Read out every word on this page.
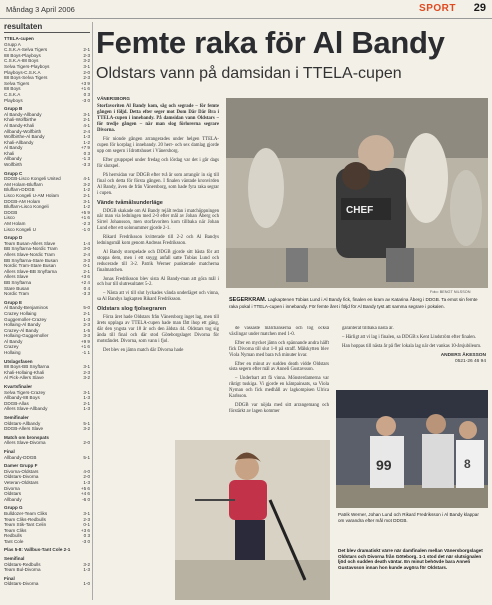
Måndag 3 April 2006	SPORT 29
resultaten
TTELA-cupen
Grupp A
C.S.K.A-Selva Tigers	2-1
88 Boys-Playboys	2-3
C.S.K.A-88 Boys	3-2
Selva Tigers-Playboys	3-1
Playboys-C.S.K.A	2-0
88 Boys-Selva Tigers	2-3
Selva Tigers	+3 9
88 Boys	+1 6
C.S.K.A	0 3
Playboys	-3 0
Grupp B
Al Bandy-Allbandy	3-1
Khali-Wolfbirthe	2-1
Al Bandy-Khali	4-1
Allbandy-Wolfbirth	2-4
Wolfbirthe-Al Bandy	1-3
Khali-Allbandy	1-2
Al Bandy	+7 9
Khali	0 3
Allbandy	-1 3
Wolfbirth	-3 3
Grupp C
DDGB-Lisco Kongeli United	4-1
AM Holam-Bluffarn	3-2
Bluffarn-DDGB	1-2
Lisco Kongeli U-AM Holam	2-1
DDGB-AM Holam	3-1
Bluffarn-Lisco Kongeli	1-2
DDGB	+5 9
Lisco	+1 6
AM Holam	-2 3
Lisco Kongeli U	-1 0
Grupp D
Team Busan-Allers Slave	1-4
BB Snyftarna-Nordic Tram	3-0
Allers Slave-Nordic Tram	2-4
BB Snyftarna-Stare Busan	3-3
Nordic Tram-Stare Busan	0-1
Allers Slave-BB Snyftarna	2-1
Allers Slave	+3 6
BB Snyftarna	+2 4
Stare Busan	0 4
Nordic Tram	-3 3
Grupp E
Al Bandy-Benjaminos	5-0
Crazey Hollaing	2-1
Guggemoller-Crazey	1-3
Hollaing-Al Bandy	2-3
Crazey-Al Bandy	1-5
Hollaing-Guggemoller	3-3
Al Bandy	+9 9
Crazey	+1 6
Hollaing	-1 1
Utslagsfasen
88 Boys-BB Snyftarna	3-1
Khali-Hollaing-Khali	2-3
Al Pick-Allers Slave	3-2
Kvartsfinaler
Selva Tigers-Crazey	3-1
Allbandy-88 Boys	1-3
DDGB-Allas	2-1
Allers Slave-Allbandy	1-3
Semifinaler
Oldstars-Allbandy	5-1
DDGB-Allers Slave	3-2
Match om bronspats
Allers Slave-Divorna	2-0
Final
Allbandy-DDGB	5-1
Damer Grupp F
Divorna-Oldstars	4-0
Oldstars-Divorna	2-0
Veteran-Oldstars	1-3
Divorna	+5 6
Oldstars	+4 6
Allbandy	-6 0
Grupp G
Bulldozer-Team Cliks	3-1
Team Cliks-Redbulls	2-3
Team Stik-Tant Celin	0-1
Team Cliks	+3 6
Redbulls	0 3
Tant Cole	-3 0
Plas 5-8: Vallbus-Tant Cole 2-1
Semifinal
Oldstars-Redbulls	3-2
Team Bul-Divorna	1-3
Final
Oldstars-Divorna	1-0
Femte raka för Al Bandy
Oldstars vann på damsidan i TTELA-cupen
VÄNERSBORG
Storfavoriten Al Bandy kom, såg och segrade – för femte gången i följd. Detta efter seger mot Dom Där Där Bra i TTELA-cupen i innebandy. På damsidan vann Oldstars – för tredje gången – när man slog förlorerna segrare Divorna.

För nionde gången arrangerades under helgen TTELA-cupen för korplag i innebandy. 20 herr- och sex damlag gjorde upp om segern i Idrottshuset i Vänersborg.

Efter gruppspel under fredag och lördag var det i går dags för slutspel.

På herrsidan var DDGB efter två år som arrangör in sig till final och detta för första gången. I finalen väntade kronvirden Al Bandy, även de från Vänersborg, som hade fyra raka segrar i cupen.

Vände tvåmålsunderläge

DDGB skakade om Al Bandy rejält redan i matchöppningen när man via ledningen med 2-0 efter mål av Johan Åberg och Sirrel Johansson, men storfavoriten kom tillbaka när Johan Lund efter ett solonummer gjorde 2-1.

Rikard Fredriksson kvitterade till 2-2 och Al Bandys ledningsmål kom genom Andreas Fredriksson.

Al Bandy storspelade och DDGB gjorde sitt bästa för att stoppa dem, men i ett snygg anfall satte Tobias Lund och reducerade till 3-2. Patrik Werner punkterade matcherna finalmatchen.

Jonas Fredriksson blev sista Al Bandy-man att göra mål i och hur till slutresultatet 5-2.

– Nästa att vi till slut lyckades vända underläget och vinna, sa Al Bandys lagkapten Rikard Fredriksson.

Oldstars slog fjolsegraren

Förra året hade Oldstars från Vänersborg inget lag, men till årets upplaga av TTELA-cupen hade man fått ihop ett gäng, där den yngsta var 18 år och den äldsta 44. Oldstars tog sig ända till final och där stod Göteborgslaget Divorna för motståndet. Divorna, som vann i fjol.

Det blev en jämn match där Divorna hade

CHEF
Foto: BENGT NILSSON
SEGERKRAM. Lagkaptenen Tobias Lund i Al Bandy fick, finalen en kram av Katarina Åberg i DDGB. Ta emot sin femte raka pokal i TTELA-cupen i innebandy. För femte året i följd för Al Bandy tyst att samma segrare i pokalen.

de vassaste målchanserna och tog också växlingar under matchen med 1-0.

Efter en mycket jämn och spännande andra hälft fick Divorna till slut 1-0 på straff. Målskytten blev Viola Nyman med bara två minuter kvar.

Efter en minut av sudden death vidde Oldstars sista segern efter mål av Anneli Gustavsson.

– Underbart att få vinna. Mönsterdamerna var riktigt tuskiga. Vi gjorde en kämpainsats, sa Viola Nyman och fick medhåll av lagkompisen Ulrica Karlsson.

DDGB var nöjda med sitt arrangemang och förstärkt av lagen kommer

garanterat tillbaka nästa år.

– Härligt att vi lag i finalen, sa DDGB:s Kent Lindström efter finalen.

Han hoppas till nästa år på fler lokala lag när det vankas 10-årsjubileum.

ANDERS ÅKESSON
0521-26 46 94
99	8
Patrik Werner, Johan Lund och Rikard Fredriksson i Al Bandy klappar om varandra efter mål mot DDGB.
Det blev dramatiskt värre när damfinalen mellan Vänersborgslaget Oldstars och Divorna från Göteborg. 1-1 stod det när slutsignalen ljöd och sudden death väntar. En minut behövde bara Anneli Gustavsson innan hon kunde avgöra för Oldstars.
